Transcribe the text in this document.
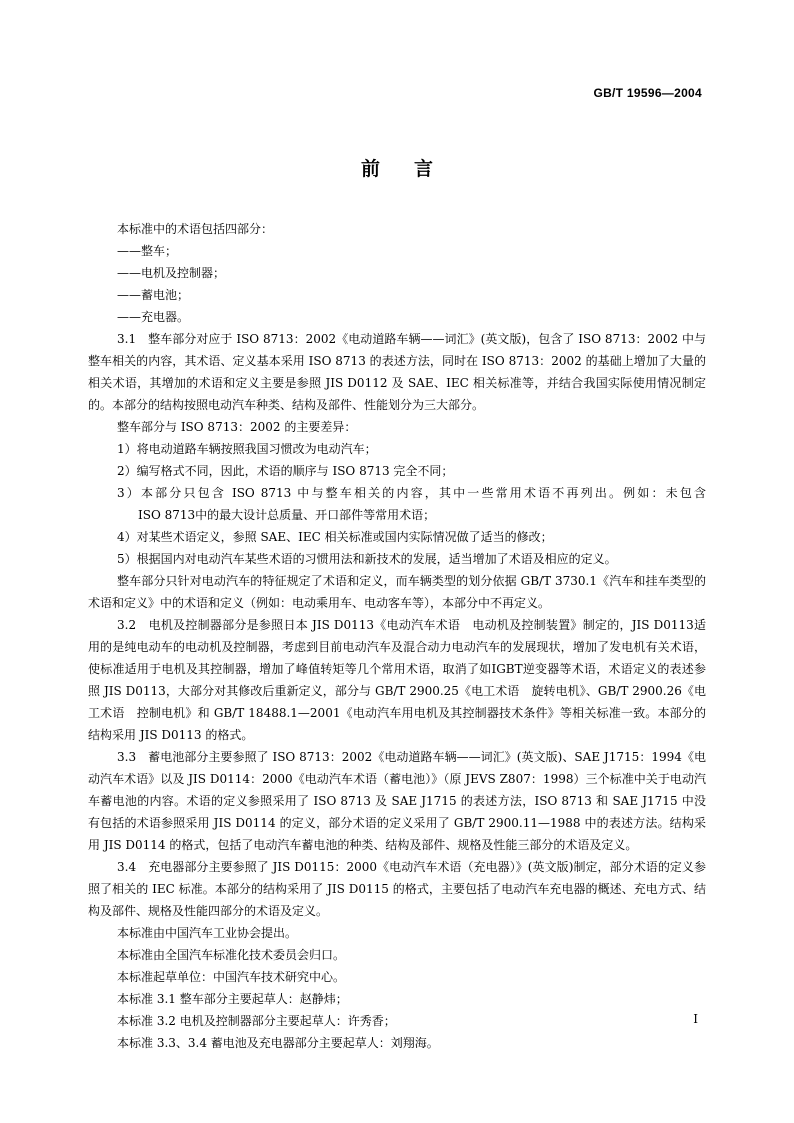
GB/T 19596—2004
前言

本标准中的术语包括四部分：

——整车；

——电机及控制器；

——蓄电池；

——充电器。

3.1　整车部分对应于 ISO 8713：2002《电动道路车辆——词汇》(英文版)，包含了 ISO 8713：2002 中与整车相关的内容，其术语、定义基本采用 ISO 8713 的表述方法，同时在 ISO 8713：2002 的基础上增加了大量的相关术语，其增加的术语和定义主要是参照 JIS D0112 及 SAE、IEC 相关标准等，并结合我国实际使用情况制定的。本部分的结构按照电动汽车种类、结构及部件、性能划分为三大部分。

整车部分与 ISO 8713：2002 的主要差异：

1）将电动道路车辆按照我国习惯改为电动汽车；

2）编写格式不同，因此，术语的顺序与 ISO 8713 完全不同；

3）本部分只包含 ISO 8713 中与整车相关的内容，其中一些常用术语不再列出。例如：未包含

ISO 8713中的最大设计总质量、开口部件等常用术语；

4）对某些术语定义，参照 SAE、IEC 相关标准或国内实际情况做了适当的修改；

5）根据国内对电动汽车某些术语的习惯用法和新技术的发展，适当增加了术语及相应的定义。

整车部分只针对电动汽车的特征规定了术语和定义，而车辆类型的划分依据 GB/T 3730.1《汽车和挂车类型的术语和定义》中的术语和定义（例如：电动乘用车、电动客车等），本部分中不再定义。

3.2　电机及控制器部分是参照日本 JIS D0113《电动汽车术语　电动机及控制装置》制定的，JIS D0113适用的是纯电动车的电动机及控制器，考虑到目前电动汽车及混合动力电动汽车的发展现状，增加了发电机有关术语，使标准适用于电机及其控制器，增加了峰值转矩等几个常用术语，取消了如IGBT逆变器等术语，术语定义的表述参照 JIS D0113，大部分对其修改后重新定义，部分与 GB/T 2900.25《电工术语　旋转电机》、GB/T 2900.26《电工术语　控制电机》和 GB/T 18488.1—2001《电动汽车用电机及其控制器技术条件》等相关标准一致。本部分的结构采用 JIS D0113 的格式。

3.3　蓄电池部分主要参照了 ISO 8713：2002《电动道路车辆——词汇》(英文版)、SAE J1715：1994《电动汽车术语》以及 JIS D0114：2000《电动汽车术语（蓄电池）》（原 JEVS Z807：1998）三个标准中关于电动汽车蓄电池的内容。术语的定义参照采用了 ISO 8713 及 SAE J1715 的表述方法，ISO 8713 和 SAE J1715 中没有包括的术语参照采用 JIS D0114 的定义，部分术语的定义采用了 GB/T 2900.11—1988 中的表述方法。结构采用 JIS D0114 的格式，包括了电动汽车蓄电池的种类、结构及部件、规格及性能三部分的术语及定义。

3.4　充电器部分主要参照了 JIS D0115：2000《电动汽车术语（充电器）》(英文版)制定，部分术语的定义参照了相关的 IEC 标准。本部分的结构采用了 JIS D0115 的格式，主要包括了电动汽车充电器的概述、充电方式、结构及部件、规格及性能四部分的术语及定义。

本标准由中国汽车工业协会提出。

本标准由全国汽车标准化技术委员会归口。

本标准起草单位：中国汽车技术研究中心。

本标准 3.1 整车部分主要起草人：赵静炜；

本标准 3.2 电机及控制器部分主要起草人：许秀香；

本标准 3.3、3.4 蓄电池及充电器部分主要起草人：刘翔海。

I
